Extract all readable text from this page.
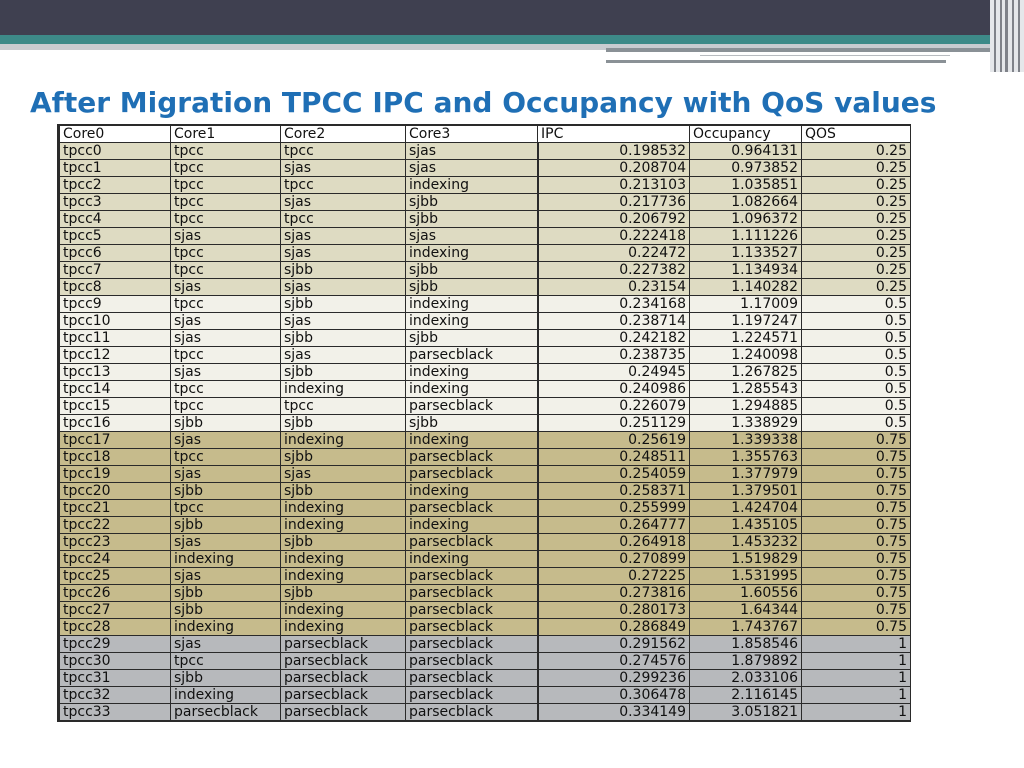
After Migration TPCC IPC and Occupancy with QoS values
Core0	Core1	Core2	Core3	IPC	Occupancy	QOS
tpcc0	tpcc	tpcc	sjas	0.198532	0.964131	0.25
tpcc1	tpcc	sjas	sjas	0.208704	0.973852	0.25
tpcc2	tpcc	tpcc	indexing	0.213103	1.035851	0.25
tpcc3	tpcc	sjas	sjbb	0.217736	1.082664	0.25
tpcc4	tpcc	tpcc	sjbb	0.206792	1.096372	0.25
tpcc5	sjas	sjas	sjas	0.222418	1.111226	0.25
tpcc6	tpcc	sjas	indexing	0.22472	1.133527	0.25
tpcc7	tpcc	sjbb	sjbb	0.227382	1.134934	0.25
tpcc8	sjas	sjas	sjbb	0.23154	1.140282	0.25
tpcc9	tpcc	sjbb	indexing	0.234168	1.17009	0.5
tpcc10	sjas	sjas	indexing	0.238714	1.197247	0.5
tpcc11	sjas	sjbb	sjbb	0.242182	1.224571	0.5
tpcc12	tpcc	sjas	parsecblack	0.238735	1.240098	0.5
tpcc13	sjas	sjbb	indexing	0.24945	1.267825	0.5
tpcc14	tpcc	indexing	indexing	0.240986	1.285543	0.5
tpcc15	tpcc	tpcc	parsecblack	0.226079	1.294885	0.5
tpcc16	sjbb	sjbb	sjbb	0.251129	1.338929	0.5
tpcc17	sjas	indexing	indexing	0.25619	1.339338	0.75
tpcc18	tpcc	sjbb	parsecblack	0.248511	1.355763	0.75
tpcc19	sjas	sjas	parsecblack	0.254059	1.377979	0.75
tpcc20	sjbb	sjbb	indexing	0.258371	1.379501	0.75
tpcc21	tpcc	indexing	parsecblack	0.255999	1.424704	0.75
tpcc22	sjbb	indexing	indexing	0.264777	1.435105	0.75
tpcc23	sjas	sjbb	parsecblack	0.264918	1.453232	0.75
tpcc24	indexing	indexing	indexing	0.270899	1.519829	0.75
tpcc25	sjas	indexing	parsecblack	0.27225	1.531995	0.75
tpcc26	sjbb	sjbb	parsecblack	0.273816	1.60556	0.75
tpcc27	sjbb	indexing	parsecblack	0.280173	1.64344	0.75
tpcc28	indexing	indexing	parsecblack	0.286849	1.743767	0.75
tpcc29	sjas	parsecblack	parsecblack	0.291562	1.858546	1
tpcc30	tpcc	parsecblack	parsecblack	0.274576	1.879892	1
tpcc31	sjbb	parsecblack	parsecblack	0.299236	2.033106	1
tpcc32	indexing	parsecblack	parsecblack	0.306478	2.116145	1
tpcc33	parsecblack	parsecblack	parsecblack	0.334149	3.051821	1
